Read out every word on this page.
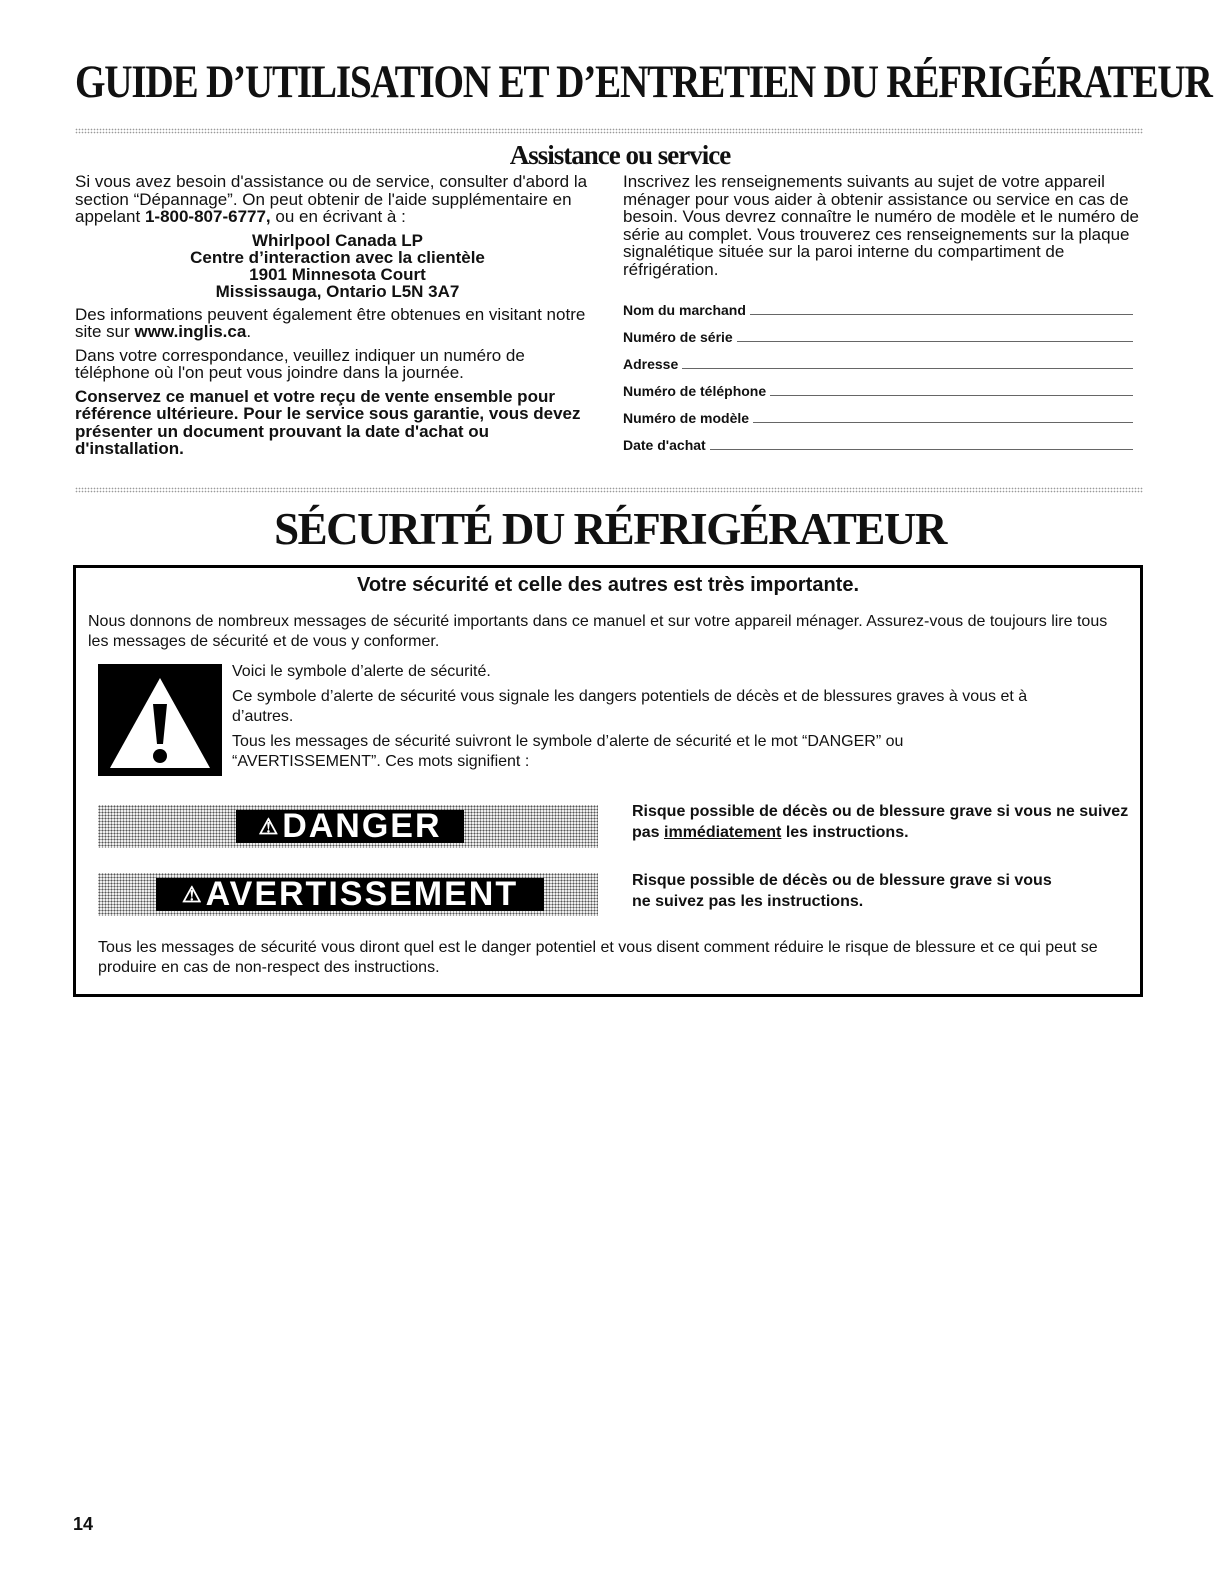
GUIDE D’UTILISATION ET D’ENTRETIEN DU RÉFRIGÉRATEUR
Assistance ou service

Si vous avez besoin d'assistance ou de service, consulter d'abord la section “Dépannage”. On peut obtenir de l'aide supplémentaire en appelant 1-800-807-6777, ou en écrivant à :

Whirlpool Canada LP
Centre d’interaction avec la clientèle
1901 Minnesota Court
Mississauga, Ontario L5N 3A7

Des informations peuvent également être obtenues en visitant notre site sur www.inglis.ca.

Dans votre correspondance, veuillez indiquer un numéro de téléphone où l'on peut vous joindre dans la journée.

Conservez ce manuel et votre reçu de vente ensemble pour référence ultérieure. Pour le service sous garantie, vous devez présenter un document prouvant la date d'achat ou d'installation.

Inscrivez les renseignements suivants au sujet de votre appareil ménager pour vous aider à obtenir assistance ou service en cas de besoin. Vous devrez connaître le numéro de modèle et le numéro de série au complet. Vous trouverez ces renseignements sur la plaque signalétique située sur la paroi interne du compartiment de réfrigération.
Nom du marchand
Numéro de série
Adresse
Numéro de téléphone
Numéro de modèle
Date d'achat
SÉCURITÉ DU RÉFRIGÉRATEUR
Votre sécurité et celle des autres est très importante.
Nous donnons de nombreux messages de sécurité importants dans ce manuel et sur votre appareil ménager. Assurez-vous de toujours lire tous les messages de sécurité et de vous y conformer.

Voici le symbole d’alerte de sécurité.

Ce symbole d’alerte de sécurité vous signale les dangers potentiels de décès et de blessures graves à vous et à d’autres.

Tous les messages de sécurité suivront le symbole d’alerte de sécurité et le mot “DANGER” ou “AVERTISSEMENT”. Ces mots signifient :

⚠ DANGER	Risque possible de décès ou de blessure grave si vous ne suivez pas immédiatement les instructions.
⚠ AVERTISSEMENT	Risque possible de décès ou de blessure grave si vous ne suivez pas les instructions.
Tous les messages de sécurité vous diront quel est le danger potentiel et vous disent comment réduire le risque de blessure et ce qui peut se produire en cas de non-respect des instructions.
14
